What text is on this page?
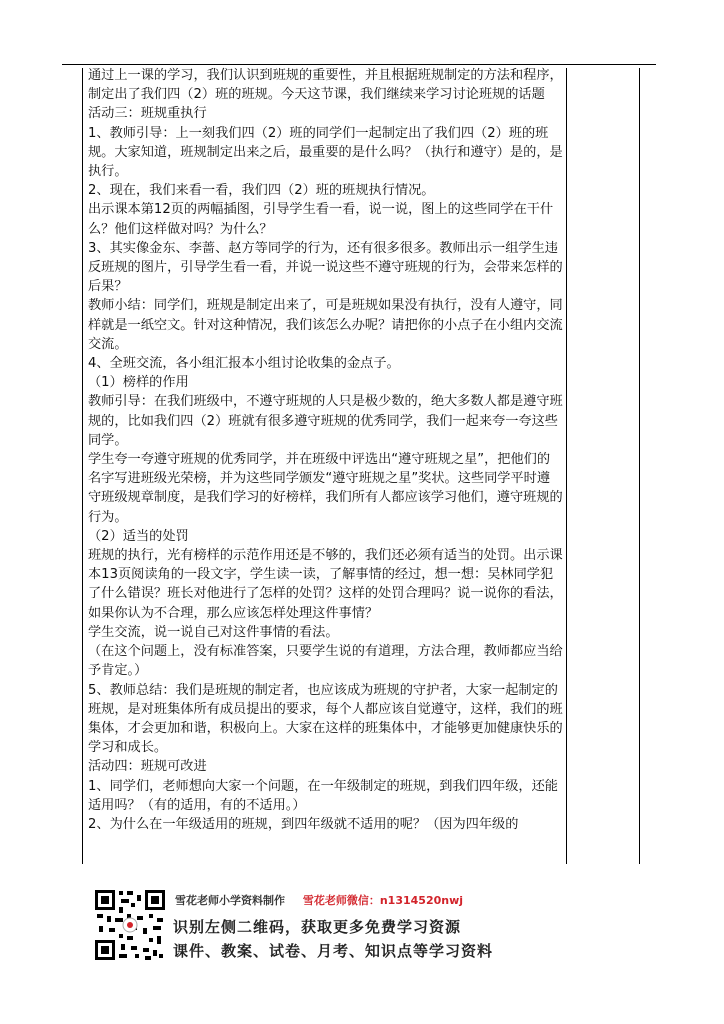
通过上一课的学习，我们认识到班规的重要性，并且根据班规制定的方法和程序，制定出了我们四（2）班的班规。今天这节课，我们继续来学习讨论班规的话题

活动三：班规重执行

1、教师引导：上一刻我们四（2）班的同学们一起制定出了我们四（2）班的班规。大家知道，班规制定出来之后，最重要的是什么吗？（执行和遵守）是的，是执行。

2、现在，我们来看一看，我们四（2）班的班规执行情况。

出示课本第12页的两幅插图，引导学生看一看，说一说，图上的这些同学在干什么？他们这样做对吗？为什么？

3、其实像金东、李蔷、赵方等同学的行为，还有很多很多。教师出示一组学生违反班规的图片，引导学生看一看，并说一说这些不遵守班规的行为，会带来怎样的后果？

教师小结：同学们，班规是制定出来了，可是班规如果没有执行，没有人遵守，同样就是一纸空文。针对这种情况，我们该怎么办呢？请把你的小点子在小组内交流交流。

4、全班交流，各小组汇报本小组讨论收集的金点子。

（1）榜样的作用

教师引导：在我们班级中，不遵守班规的人只是极少数的，绝大多数人都是遵守班规的，比如我们四（2）班就有很多遵守班规的优秀同学，我们一起来夸一夸这些同学。

学生夸一夸遵守班规的优秀同学，并在班级中评选出“遵守班规之星”，把他们的名字写进班级光荣榜，并为这些同学颁发“遵守班规之星”奖状。这些同学平时遵守班级规章制度，是我们学习的好榜样，我们所有人都应该学习他们，遵守班规的行为。

（2）适当的处罚

班规的执行，光有榜样的示范作用还是不够的，我们还必须有适当的处罚。出示课本13页阅读角的一段文字，学生读一读，了解事情的经过，想一想：吴林同学犯了什么错误？班长对他进行了怎样的处罚？这样的处罚合理吗？说一说你的看法，如果你认为不合理，那么应该怎样处理这件事情？

学生交流，说一说自己对这件事情的看法。

（在这个问题上，没有标准答案，只要学生说的有道理，方法合理，教师都应当给予肯定。）

5、教师总结：我们是班规的制定者，也应该成为班规的守护者，大家一起制定的班规，是对班集体所有成员提出的要求，每个人都应该自觉遵守，这样，我们的班集体，才会更加和谐，积极向上。大家在这样的班集体中，才能够更加健康快乐的学习和成长。

活动四：班规可改进

1、同学们，老师想向大家一个问题，在一年级制定的班规，到我们四年级，还能适用吗？（有的适用，有的不适用。）

2、为什么在一年级适用的班规，到四年级就不适用的呢？（因为四年级的

雪花老师小学资料制作 雪花老师微信：n1314520nwj
识别左侧二维码，获取更多免费学习资源
课件、教案、试卷、月考、知识点等学习资料
